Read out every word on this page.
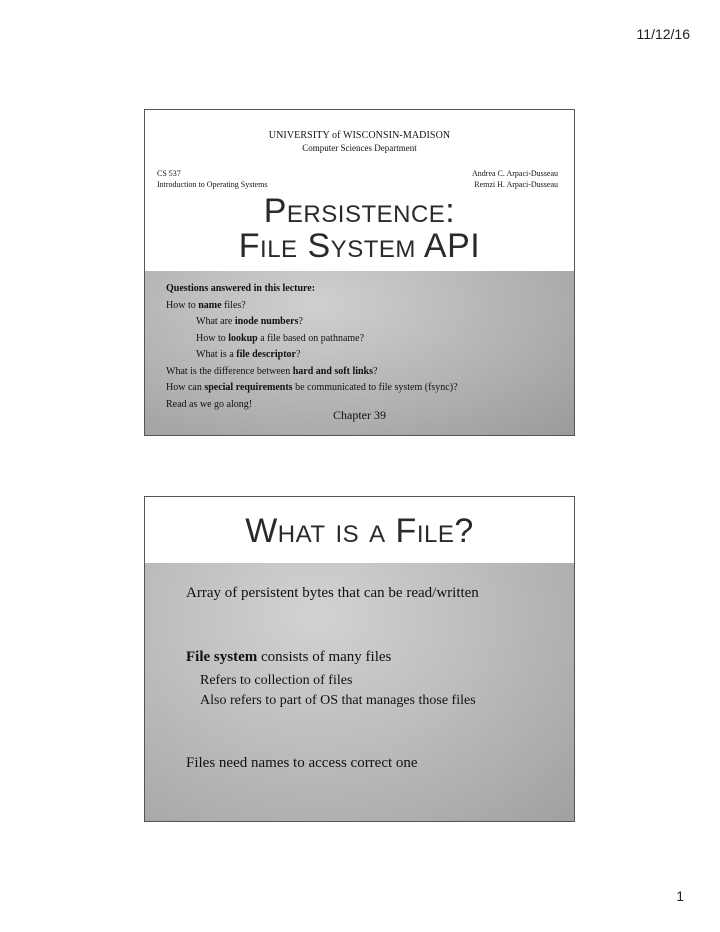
11/12/16
UNIVERSITY of WISCONSIN-MADISON
Computer Sciences Department
CS 537
Introduction to Operating Systems
Andrea C. Arpaci-Dusseau
Remzi H. Arpaci-Dusseau
Persistence:
File System API
Questions answered in this lecture:
How to name files?
What are inode numbers?
How to lookup a file based on pathname?
What is a file descriptor?
What is the difference between hard and soft links?
How can special requirements be communicated to file system (fsync)?
Read as we go along!
Chapter 39
What is a File?
Array of persistent bytes that can be read/written
File system consists of many files
Refers to collection of files
Also refers to part of OS that manages those files
Files need names to access correct one
1
